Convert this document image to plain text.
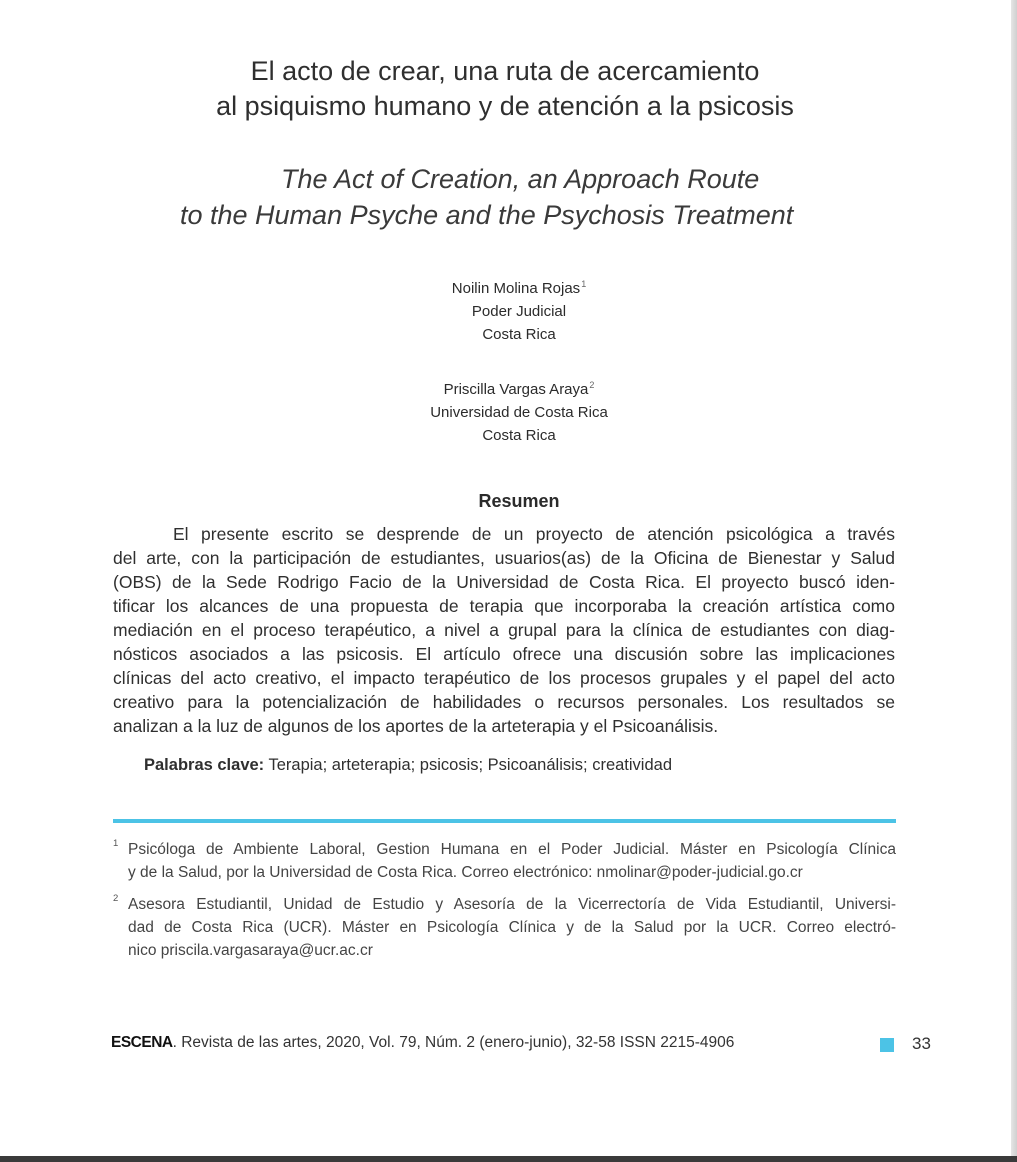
El acto de crear, una ruta de acercamiento
al psiquismo humano y de atención a la psicosis
The Act of Creation, an Approach Route
to the Human Psyche and the Psychosis Treatment
Noilin Molina Rojas$^1$
Poder Judicial
Costa Rica
Priscilla Vargas Araya$^2$
Universidad de Costa Rica
Costa Rica
Resumen
El presente escrito se desprende de un proyecto de atención psicológica a través
del arte, con la participación de estudiantes, usuarios(as) de la Oficina de Bienestar y Salud
(OBS) de la Sede Rodrigo Facio de la Universidad de Costa Rica. El proyecto buscó iden-
tificar los alcances de una propuesta de terapia que incorporaba la creación artística como
mediación en el proceso terapéutico, a nivel a grupal para la clínica de estudiantes con diag-
nósticos asociados a las psicosis. El artículo ofrece una discusión sobre las implicaciones
clínicas del acto creativo, el impacto terapéutico de los procesos grupales y el papel del acto
creativo para la potencialización de habilidades o recursos personales. Los resultados se
analizan a la luz de algunos de los aportes de la arteterapia y el Psicoanálisis.
Palabras clave: Terapia; arteterapia; psicosis; Psicoanálisis; creatividad
1 Psicóloga de Ambiente Laboral, Gestion Humana en el Poder Judicial. Máster en Psicología Clínica
y de la Salud, por la Universidad de Costa Rica. Correo electrónico: nmolinar@poder-judicial.go.cr
2 Asesora Estudiantil, Unidad de Estudio y Asesoría de la Vicerrectoría de Vida Estudiantil, Universi-
dad de Costa Rica (UCR). Máster en Psicología Clínica y de la Salud por la UCR. Correo electró-
nico priscila.vargasaraya@ucr.ac.cr
ESCENA. Revista de las artes, 2020, Vol. 79, Núm. 2 (enero-junio), 32-58 ISSN 2215-4906	33
